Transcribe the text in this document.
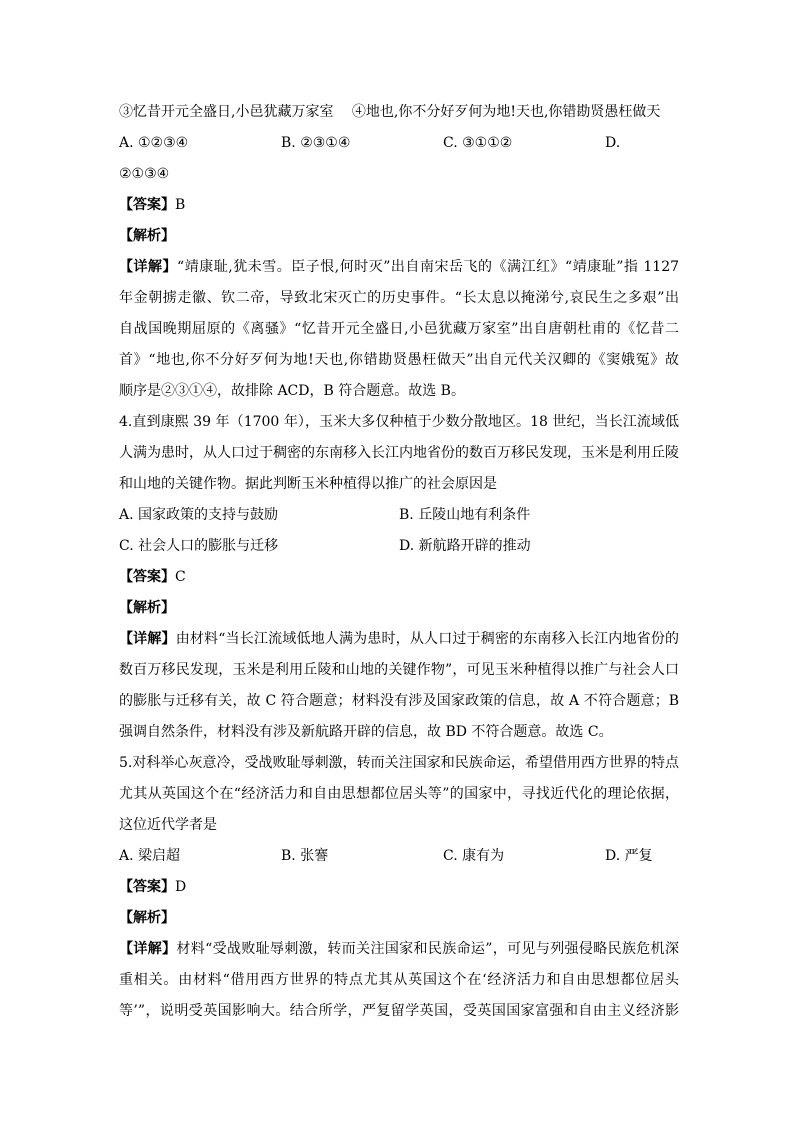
③忆昔开元全盛日,小邑犹藏万家室　 ④地也,你不分好歹何为地!天也,你错勘贤愚枉做天
A. ①②③④	B. ②③①④	C. ③①①②	D.
②①③④
【答案】B
【解析】
【详解】“靖康耻,犹未雪。臣子恨,何时灭”出自南宋岳飞的《满江红》“靖康耻”指 1127
年金朝掳走徽、钦二帝，导致北宋灭亡的历史事件。“长太息以掩涕兮,哀民生之多艰”出
自战国晚期屈原的《离骚》“忆昔开元全盛日,小邑犹藏万家室”出自唐朝杜甫的《忆昔二
首》“地也,你不分好歹何为地!天也,你错勘贤愚枉做天”出自元代关汉卿的《窦娥冤》故
顺序是②③①④，故排除 ACD，B 符合题意。故选 B。
4.直到康熙 39 年（1700 年），玉米大多仅种植于少数分散地区。18 世纪，当长江流域低
人满为患时，从人口过于稠密的东南移入长江内地省份的数百万移民发现，玉米是利用丘陵
和山地的关键作物。据此判断玉米种植得以推广的社会原因是
A. 国家政策的支持与鼓励	B. 丘陵山地有利条件
C. 社会人口的膨胀与迁移	D. 新航路开辟的推动
【答案】C
【解析】
【详解】由材料“当长江流域低地人满为患时，从人口过于稠密的东南移入长江内地省份的
数百万移民发现，玉米是利用丘陵和山地的关键作物”，可见玉米种植得以推广与社会人口
的膨胀与迁移有关，故 C 符合题意；材料没有涉及国家政策的信息，故 A 不符合题意；B
强调自然条件，材料没有涉及新航路开辟的信息，故 BD 不符合题意。故选 C。
5.对科举心灰意冷，受战败耻辱刺激，转而关注国家和民族命运，希望借用西方世界的特点
尤其从英国这个在“经济活力和自由思想都位居头等”的国家中，寻找近代化的理论依据，
这位近代学者是
A. 梁启超	B. 张謇	C. 康有为	D. 严复
【答案】D
【解析】
【详解】材料“受战败耻辱刺激，转而关注国家和民族命运”，可见与列强侵略民族危机深
重相关。由材料“借用西方世界的特点尤其从英国这个在‘经济活力和自由思想都位居头
等’”，说明受英国影响大。结合所学，严复留学英国，受英国国家富强和自由主义经济影
